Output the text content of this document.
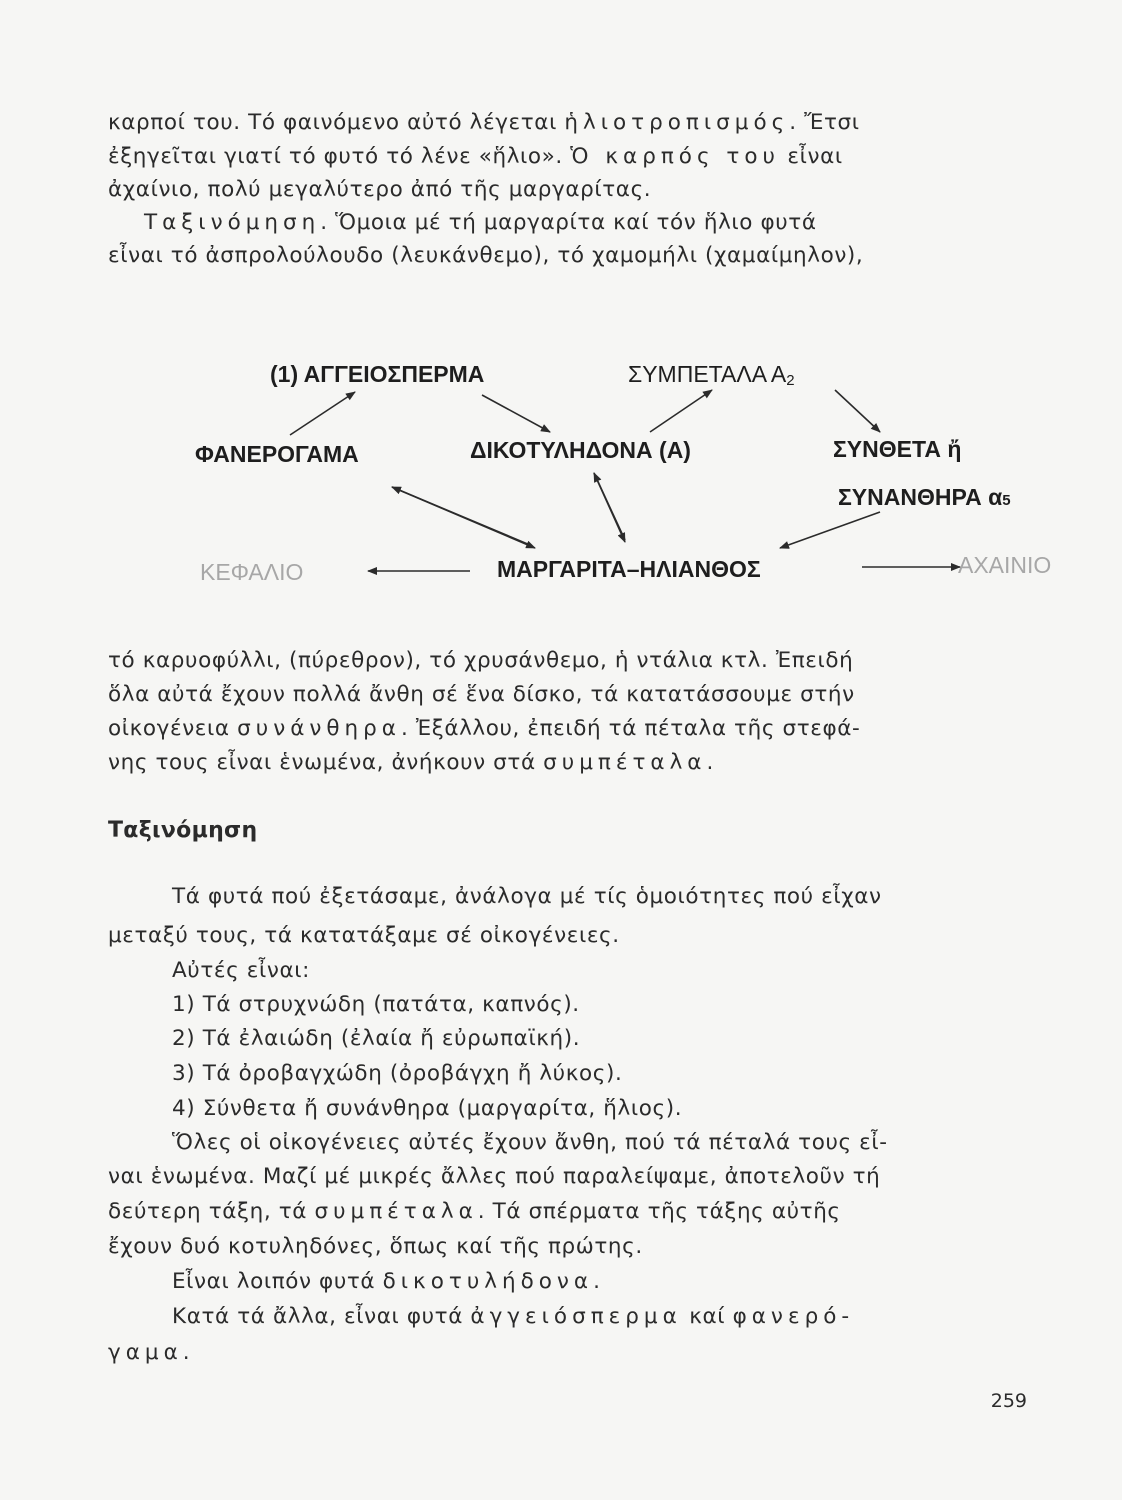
καρποί του. Τό φαινόμενο αὐτό λέγεται ἡλιοτροπισμός. Ἔτσι

ἐξηγεῖται γιατί τό φυτό τό λένε «ἥλιο». Ὁ καρπός του εἶναι

ἀχαίνιο, πολύ μεγαλύτερο ἀπό τῆς μαργαρίτας.

Ταξινόμηση. Ὅμοια μέ τή μαργαρίτα καί τόν ἥλιο φυτά

εἶναι τό ἀσπρολούλουδο (λευκάνθεμο), τό χαμομήλι (χαμαίμηλον),

(1) ΑΓΓΕΙΟΣΠΕΡΜΑ	ΣΥΜΠΕΤΑΛΑ Α2
ΦΑΝΕΡΟΓΑΜΑ	ΔΙΚΟΤΥΛΗΔΟΝΑ (Α)	ΣΥΝΘΕΤΑ ἤ
ΣΥΝΑΝΘΗΡΑ α5
ΚΕΦΑΛΙΟ	ΜΑΡΓΑΡΙΤΑ–ΗΛΙΑΝΘΟΣ	ΑΧΑΙΝΙΟ

τό καρυοφύλλι, (πύρεθρον), τό χρυσάνθεμο, ἡ ντάλια κτλ. Ἐπειδή

ὅλα αὐτά ἔχουν πολλά ἄνθη σέ ἕνα δίσκο, τά κατατάσσουμε στήν

οἰκογένεια συνάνθηρα. Ἐξάλλου, ἐπειδή τά πέταλα τῆς στεφά-

νης τους εἶναι ἑνωμένα, ἀνήκουν στά συμπέταλα.

Ταξινόμηση

Τά φυτά πού ἐξετάσαμε, ἀνάλογα μέ τίς ὁμοιότητες πού εἶχαν

μεταξύ τους, τά κατατάξαμε σέ οἰκογένειες.

Αὐτές εἶναι:

1) Τά στρυχνώδη (πατάτα, καπνός).

2) Τά ἐλαιώδη (ἐλαία ἤ εὐρωπαϊκή).

3) Τά ὀροβαγχώδη (ὀροβάγχη ἤ λύκος).

4) Σύνθετα ἤ συνάνθηρα (μαργαρίτα, ἥλιος).

Ὅλες οἱ οἰκογένειες αὐτές ἔχουν ἄνθη, πού τά πέταλά τους εἶ-

ναι ἑνωμένα. Μαζί μέ μικρές ἄλλες πού παραλείψαμε, ἀποτελοῦν τή

δεύτερη τάξη, τά συμπέταλα. Τά σπέρματα τῆς τάξης αὐτῆς

ἔχουν δυό κοτυληδόνες, ὅπως καί τῆς πρώτης.

Εἶναι λοιπόν φυτά δικοτυλήδονα.

Κατά τά ἄλλα, εἶναι φυτά ἀγγειόσπερμα καί φανερό-

γαμα.

259
